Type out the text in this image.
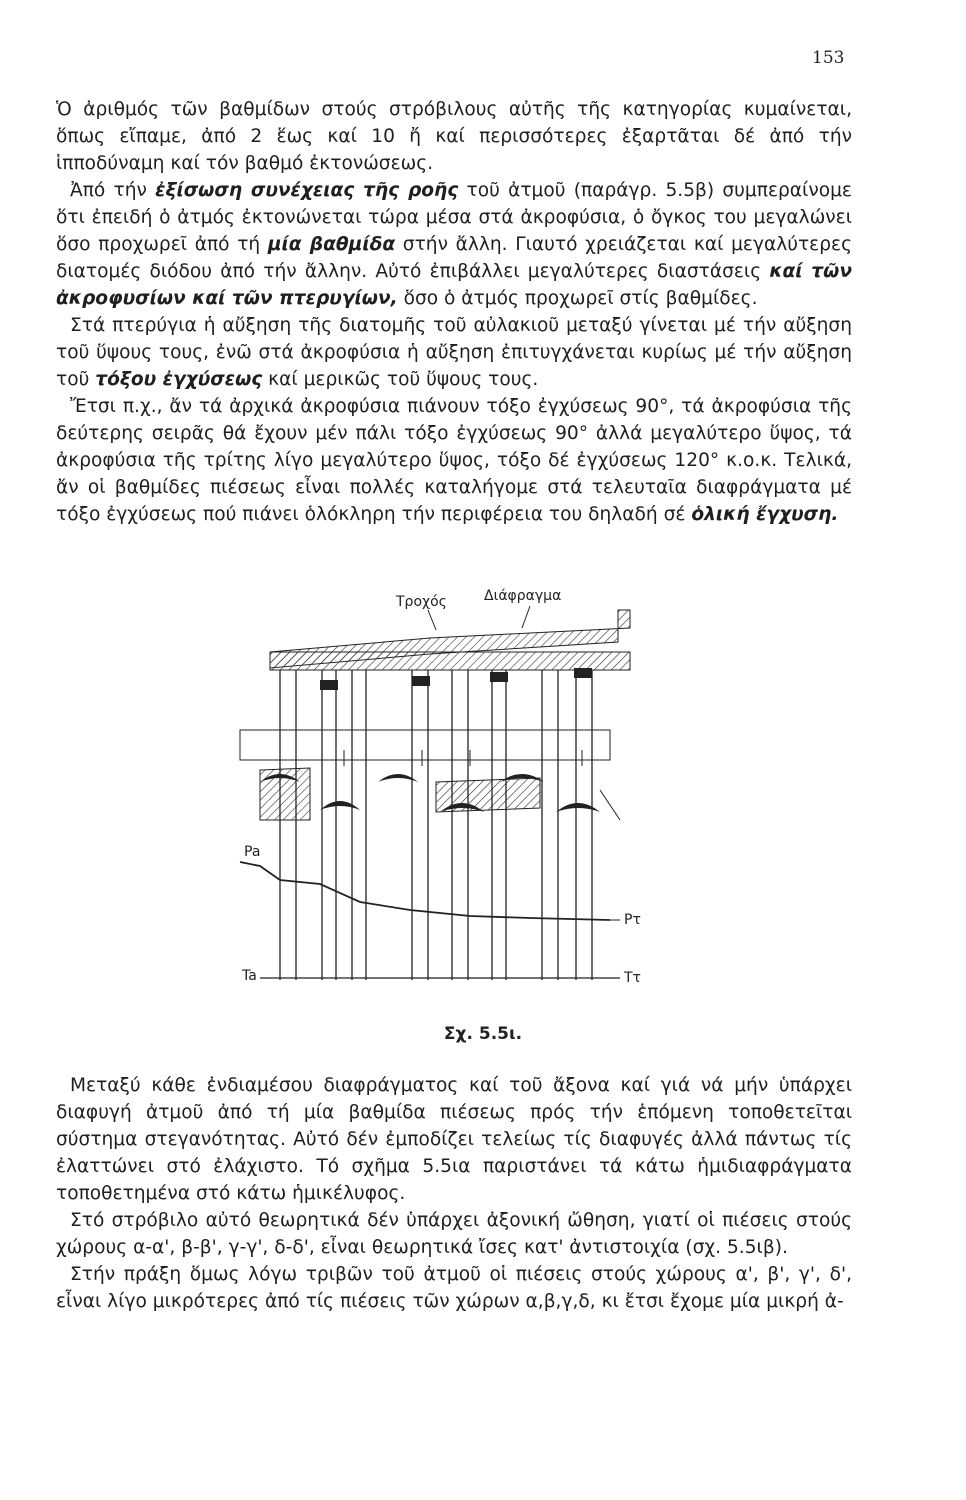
153

Ὁ ἀριθμός τῶν βαθμίδων στούς στρόβιλους αὐτῆς τῆς κατηγορίας κυμαίνεται, ὅπως εἴπαμε, ἀπό 2 ἕως καί 10 ἤ καί περισσότερες ἐξαρτᾶται δέ ἀπό τήν ἱπποδύναμη καί τόν βαθμό ἐκτονώσεως.

Ἀπό τήν ἐξίσωση συνέχειας τῆς ροῆς τοῦ ἀτμοῦ (παράγρ. 5.5β) συμπεραίνομε ὅτι ἐπειδή ὁ ἀτμός ἐκτονώνεται τώρα μέσα στά ἀκροφύσια, ὁ ὄγκος του μεγαλώνει ὅσο προχωρεῖ ἀπό τή μία βαθμίδα στήν ἄλλη. Γιαυτό χρειάζεται καί μεγαλύτερες διατομές διόδου ἀπό τήν ἄλλην. Αὐτό ἐπιβάλλει μεγαλύτερες διαστάσεις καί τῶν ἀκροφυσίων καί τῶν πτερυγίων, ὅσο ὁ ἀτμός προχωρεῖ στίς βαθμίδες.

Στά πτερύγια ἡ αὔξηση τῆς διατομῆς τοῦ αὐλακιοῦ μεταξύ γίνεται μέ τήν αὔξηση τοῦ ὕψους τους, ἐνῶ στά ἀκροφύσια ἡ αὔξηση ἐπιτυγχάνεται κυρίως μέ τήν αὔξηση τοῦ τόξου ἐγχύσεως καί μερικῶς τοῦ ὕψους τους.

Ἔτσι π.χ., ἄν τά ἀρχικά ἀκροφύσια πιάνουν τόξο ἐγχύσεως 90°, τά ἀκροφύσια τῆς δεύτερης σειρᾶς θά ἔχουν μέν πάλι τόξο ἐγχύσεως 90° ἀλλά μεγαλύτερο ὕψος, τά ἀκροφύσια τῆς τρίτης λίγο μεγαλύτερο ὕψος, τόξο δέ ἐγχύσεως 120° κ.ο.κ. Τελικά, ἄν οἱ βαθμίδες πιέσεως εἶναι πολλές καταλήγομε στά τελευταῖα διαφράγματα μέ τόξο ἐγχύσεως πού πιάνει ὁλόκληρη τήν περιφέρεια του δηλαδή σέ ὁλική ἔγχυση.

Τροχός	Διάφραγμα
Pa
Pτ
Ta	Tτ
Σχ. 5.5ι.

Μεταξύ κάθε ἐνδιαμέσου διαφράγματος καί τοῦ ἄξονα καί γιά νά μήν ὑπάρχει διαφυγή ἀτμοῦ ἀπό τή μία βαθμίδα πιέσεως πρός τήν ἑπόμενη τοποθετεῖται σύστημα στεγανότητας. Αὐτό δέν ἐμποδίζει τελείως τίς διαφυγές ἀλλά πάντως τίς ἐλαττώνει στό ἐλάχιστο. Τό σχῆμα 5.5ια παριστάνει τά κάτω ἡμιδιαφράγματα τοποθετημένα στό κάτω ἡμικέλυφος.

Στό στρόβιλο αὐτό θεωρητικά δέν ὑπάρχει ἀξονική ὤθηση, γιατί οἱ πιέσεις στούς χώρους α-α', β-β', γ-γ', δ-δ', εἶναι θεωρητικά ἴσες κατ' ἀντιστοιχία (σχ. 5.5ιβ).

Στήν πράξη ὅμως λόγω τριβῶν τοῦ ἀτμοῦ οἱ πιέσεις στούς χώρους α', β', γ', δ', εἶναι λίγο μικρότερες ἀπό τίς πιέσεις τῶν χώρων α,β,γ,δ, κι ἔτσι ἔχομε μία μικρή ἀ-
